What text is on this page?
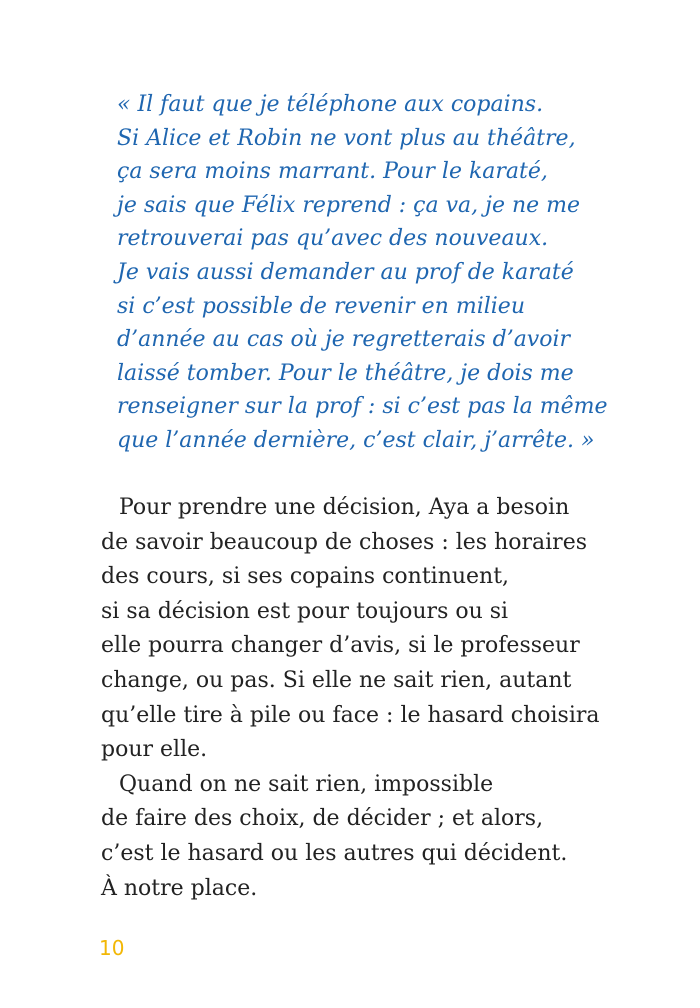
« Il faut que je téléphone aux copains.
Si Alice et Robin ne vont plus au théâtre,
ça sera moins marrant. Pour le karaté,
je sais que Félix reprend : ça va, je ne me
retrouverai pas qu’avec des nouveaux.
Je vais aussi demander au prof de karaté
si c’est possible de revenir en milieu
d’année au cas où je regretterais d’avoir
laissé tomber. Pour le théâtre, je dois me
renseigner sur la prof : si c’est pas la même
que l’année dernière, c’est clair, j’arrête. »
Pour prendre une décision, Aya a besoin
de savoir beaucoup de choses : les horaires
des cours, si ses copains continuent,
si sa décision est pour toujours ou si
elle pourra changer d’avis, si le professeur
change, ou pas. Si elle ne sait rien, autant
qu’elle tire à pile ou face : le hasard choisira
pour elle.
Quand on ne sait rien, impossible
de faire des choix, de décider ; et alors,
c’est le hasard ou les autres qui décident.
À notre place.
10
